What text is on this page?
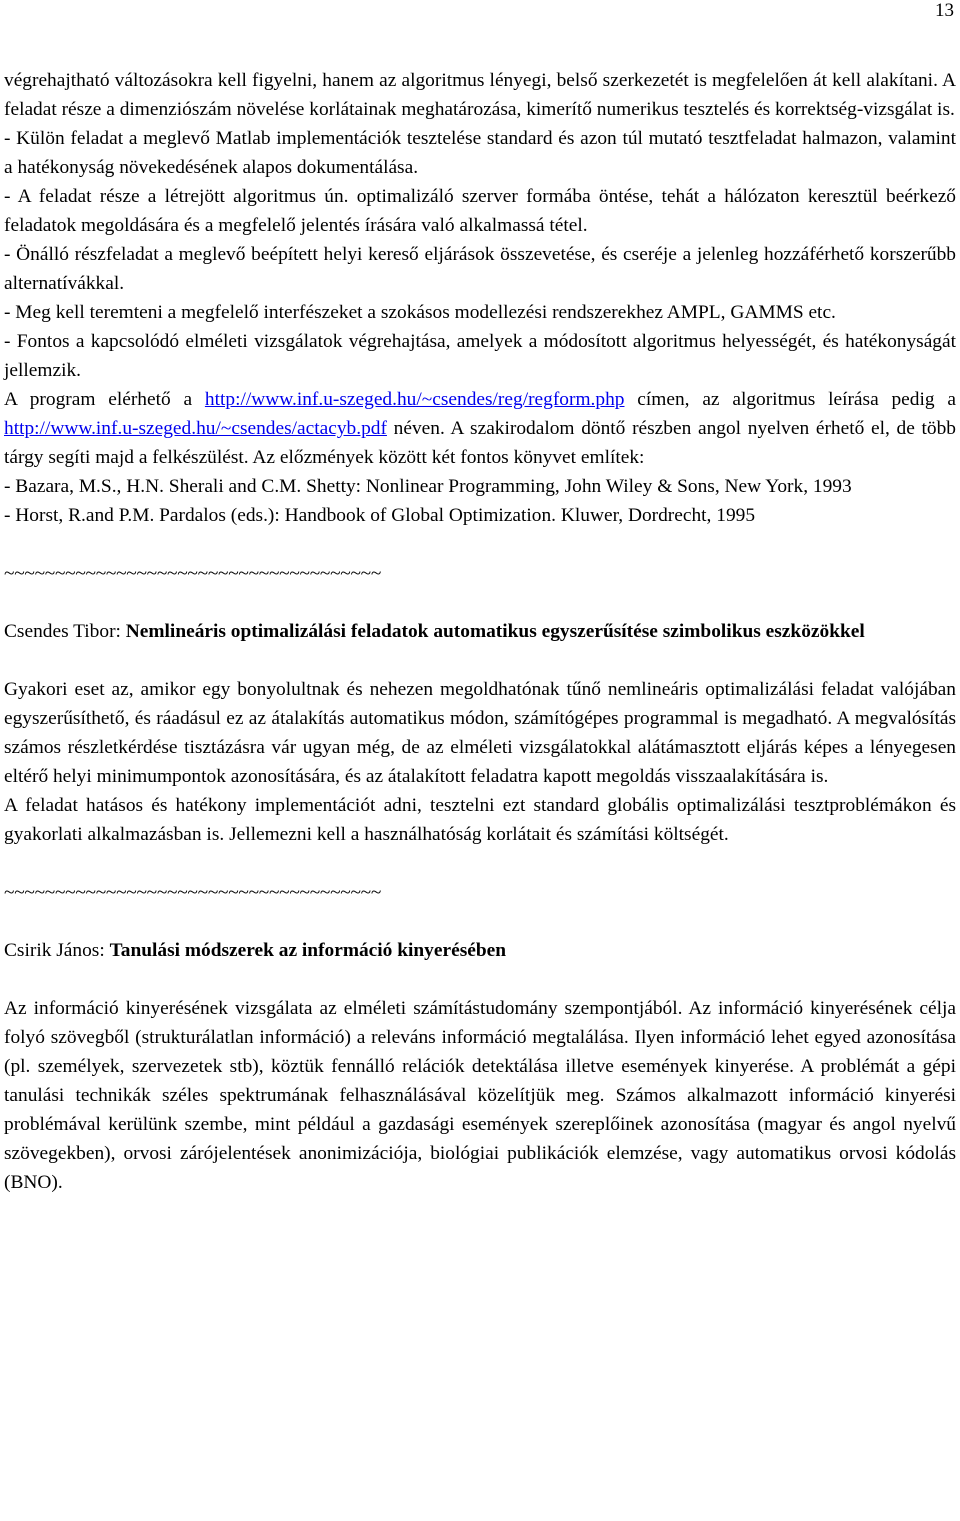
13

végrehajtható változásokra kell figyelni, hanem az algoritmus lényegi, belső szerkezetét is megfelelően át kell alakítani. A feladat része a dimenziószám növelése korlátainak meghatározása, kimerítő numerikus tesztelés és korrektség-vizsgálat is.

- Külön feladat a meglevő Matlab implementációk tesztelése standard és azon túl mutató tesztfeladat halmazon, valamint a hatékonyság növekedésének alapos dokumentálása.

- A feladat része a létrejött algoritmus ún. optimalizáló szerver formába öntése, tehát a hálózaton keresztül beérkező feladatok megoldására és a megfelelő jelentés írására való alkalmassá tétel.

- Önálló részfeladat a meglevő beépített helyi kereső eljárások összevetése, és cseréje a jelenleg hozzáférhető korszerűbb alternatívákkal.

- Meg kell teremteni a megfelelő interfészeket a szokásos modellezési rendszerekhez AMPL, GAMMS etc.

- Fontos a kapcsolódó elméleti vizsgálatok végrehajtása, amelyek a módosított algoritmus helyességét, és hatékonyságát jellemzik.

A program elérhető a http://www.inf.u-szeged.hu/~csendes/reg/regform.php címen, az algoritmus leírása pedig a http://www.inf.u-szeged.hu/~csendes/actacyb.pdf néven. A szakirodalom döntő részben angol nyelven érhető el, de több tárgy segíti majd a felkészülést. Az előzmények között két fontos könyvet említek:

- Bazara, M.S., H.N. Sherali and C.M. Shetty: Nonlinear Programming, John Wiley & Sons, New York, 1993

- Horst, R.and P.M. Pardalos (eds.): Handbook of Global Optimization. Kluwer, Dordrecht, 1995

~~~~~~~~~~~~~~~~~~~~~~~~~~~~~~~~~~~~~

Csendes Tibor: Nemlineáris optimalizálási feladatok automatikus egyszerűsítése szimbolikus eszközökkel

Gyakori eset az, amikor egy bonyolultnak és nehezen megoldhatónak tűnő nemlineáris optimalizálási feladat valójában egyszerűsíthető, és ráadásul ez az átalakítás automatikus módon, számítógépes programmal is megadható. A megvalósítás számos részletkérdése tisztázásra vár ugyan még, de az elméleti vizsgálatokkal alátámasztott eljárás képes a lényegesen eltérő helyi minimumpontok azonosítására, és az átalakított feladatra kapott megoldás visszaalakítására is.

A feladat hatásos és hatékony implementációt adni, tesztelni ezt standard globális optimalizálási tesztproblémákon és gyakorlati alkalmazásban is. Jellemezni kell a használhatóság korlátait és számítási költségét.

~~~~~~~~~~~~~~~~~~~~~~~~~~~~~~~~~~~~~

Csirik János: Tanulási módszerek az információ kinyerésében

Az információ kinyerésének vizsgálata az elméleti számítástudomány szempontjából. Az információ kinyerésének célja folyó szövegből (strukturálatlan információ) a releváns információ megtalálása. Ilyen információ lehet egyed azonosítása (pl. személyek, szervezetek stb), köztük fennálló relációk detektálása illetve események kinyerése. A problémát a gépi tanulási technikák széles spektrumának felhasználásával közelítjük meg. Számos alkalmazott információ kinyerési problémával kerülünk szembe, mint például a gazdasági események szereplőinek azonosítása (magyar és angol nyelvű szövegekben), orvosi zárójelentések anonimizációja, biológiai publikációk elemzése, vagy automatikus orvosi kódolás (BNO).
